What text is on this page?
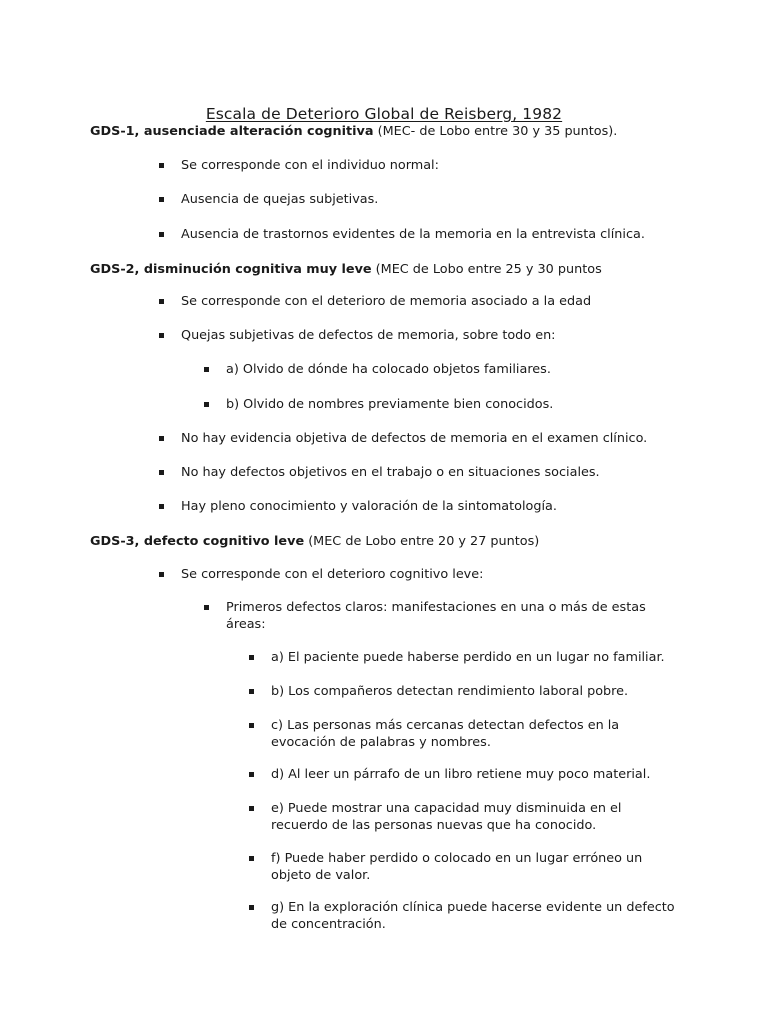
Escala de Deterioro Global de Reisberg, 1982
GDS-1, ausenciade alteración cognitiva (MEC- de Lobo entre 30 y 35 puntos).
Se corresponde con el individuo normal:
Ausencia de quejas subjetivas.
Ausencia de trastornos evidentes de la memoria en la entrevista clínica.
GDS-2, disminución cognitiva muy leve (MEC de Lobo entre 25 y 30 puntos
Se corresponde con el deterioro de memoria asociado a la edad
Quejas subjetivas de defectos de memoria, sobre todo en:
a) Olvido de dónde ha colocado objetos familiares.
b) Olvido de nombres previamente bien conocidos.
No hay evidencia objetiva de defectos de memoria en el examen clínico.
No hay defectos objetivos en el trabajo o en situaciones sociales.
Hay pleno conocimiento y valoración de la sintomatología.
GDS-3, defecto cognitivo leve (MEC de Lobo entre 20 y 27 puntos)
Se corresponde con el deterioro cognitivo leve:
Primeros defectos claros: manifestaciones en una o más de estas áreas:
a) El paciente puede haberse perdido en un lugar no familiar.
b) Los compañeros detectan rendimiento laboral pobre.
c) Las personas más cercanas detectan defectos en la evocación de palabras y nombres.
d) Al leer un párrafo de un libro retiene muy poco material.
e) Puede mostrar una capacidad muy disminuida en el recuerdo de las personas nuevas que ha conocido.
f) Puede haber perdido o colocado en un lugar erróneo un objeto de valor.
g) En la exploración clínica puede hacerse evidente un defecto de concentración.
